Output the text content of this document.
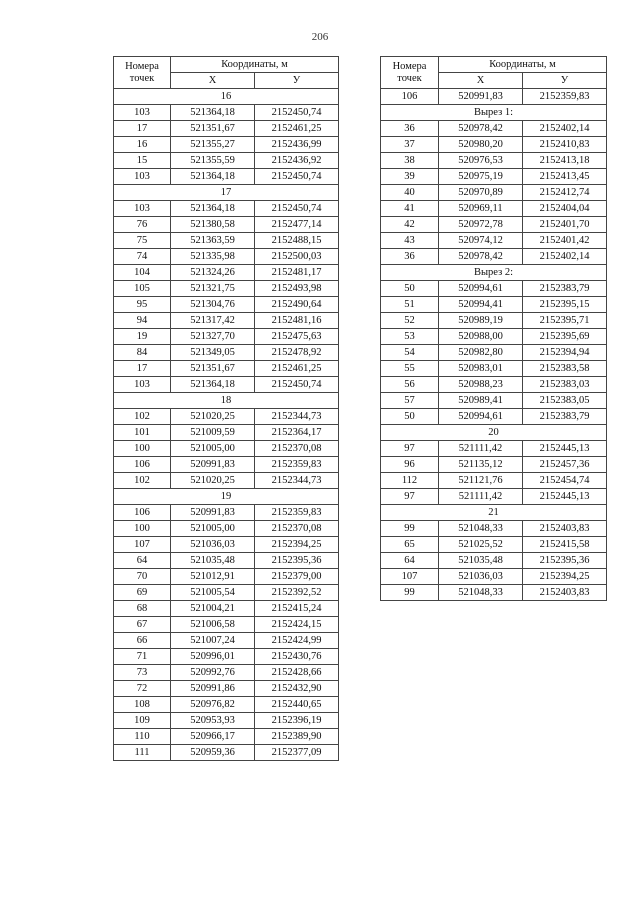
206
Номера
точек	Координаты, м	
	X	У
16		
103	521364,18	2152450,74
17	521351,67	2152461,25
16	521355,27	2152436,99
15	521355,59	2152436,92
103	521364,18	2152450,74
17		
103	521364,18	2152450,74
76	521380,58	2152477,14
75	521363,59	2152488,15
74	521335,98	2152500,03
104	521324,26	2152481,17
105	521321,75	2152493,98
95	521304,76	2152490,64
94	521317,42	2152481,16
19	521327,70	2152475,63
84	521349,05	2152478,92
17	521351,67	2152461,25
103	521364,18	2152450,74
18		
102	521020,25	2152344,73
101	521009,59	2152364,17
100	521005,00	2152370,08
106	520991,83	2152359,83
102	521020,25	2152344,73
19		
106	520991,83	2152359,83
100	521005,00	2152370,08
107	521036,03	2152394,25
64	521035,48	2152395,36
70	521012,91	2152379,00
69	521005,54	2152392,52
68	521004,21	2152415,24
67	521006,58	2152424,15
66	521007,24	2152424,99
71	520996,01	2152430,76
73	520992,76	2152428,66
72	520991,86	2152432,90
108	520976,82	2152440,65
109	520953,93	2152396,19
110	520966,17	2152389,90
111	520959,36	2152377,09
Номера
точек	Координаты, м	
	X	У
106	520991,83	2152359,83
Вырез 1:		
36	520978,42	2152402,14
37	520980,20	2152410,83
38	520976,53	2152413,18
39	520975,19	2152413,45
40	520970,89	2152412,74
41	520969,11	2152404,04
42	520972,78	2152401,70
43	520974,12	2152401,42
36	520978,42	2152402,14
Вырез 2:		
50	520994,61	2152383,79
51	520994,41	2152395,15
52	520989,19	2152395,71
53	520988,00	2152395,69
54	520982,80	2152394,94
55	520983,01	2152383,58
56	520988,23	2152383,03
57	520989,41	2152383,05
50	520994,61	2152383,79
20		
97	521111,42	2152445,13
96	521135,12	2152457,36
112	521121,76	2152454,74
97	521111,42	2152445,13
21		
99	521048,33	2152403,83
65	521025,52	2152415,58
64	521035,48	2152395,36
107	521036,03	2152394,25
99	521048,33	2152403,83
